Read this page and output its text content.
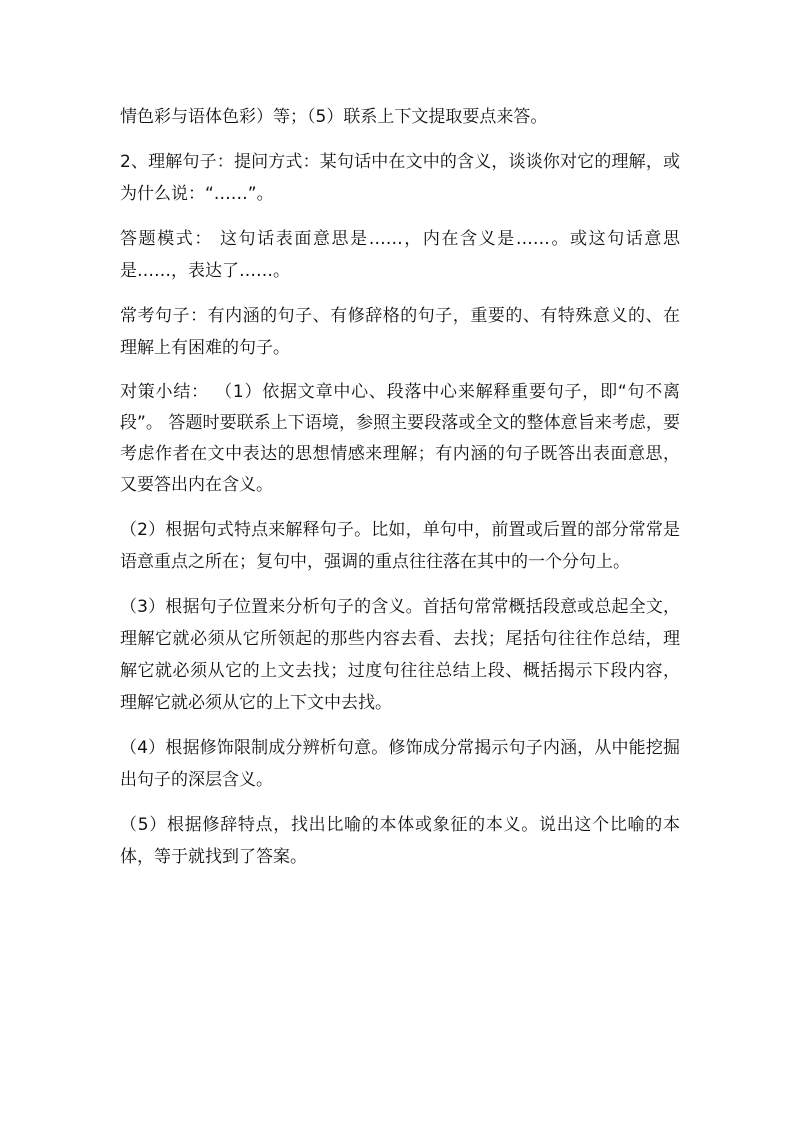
情色彩与语体色彩）等；（5）联系上下文提取要点来答。

2、理解句子：提问方式：某句话中在文中的含义，谈谈你对它的理解，或为什么说：“……”。

答题模式： 这句话表面意思是……，内在含义是……。或这句话意思是……，表达了……。

常考句子：有内涵的句子、有修辞格的句子，重要的、有特殊意义的、在理解上有困难的句子。

对策小结： （1）依据文章中心、段落中心来解释重要句子，即“句不离段”。 答题时要联系上下语境，参照主要段落或全文的整体意旨来考虑，要考虑作者在文中表达的思想情感来理解；有内涵的句子既答出表面意思，又要答出内在含义。

（2）根据句式特点来解释句子。比如，单句中，前置或后置的部分常常是语意重点之所在；复句中，强调的重点往往落在其中的一个分句上。

（3）根据句子位置来分析句子的含义。首括句常常概括段意或总起全文，理解它就必须从它所领起的那些内容去看、去找；尾括句往往作总结，理解它就必须从它的上文去找；过度句往往总结上段、概括揭示下段内容，理解它就必须从它的上下文中去找。

（4）根据修饰限制成分辨析句意。修饰成分常揭示句子内涵，从中能挖掘出句子的深层含义。

（5）根据修辞特点，找出比喻的本体或象征的本义。说出这个比喻的本体，等于就找到了答案。
